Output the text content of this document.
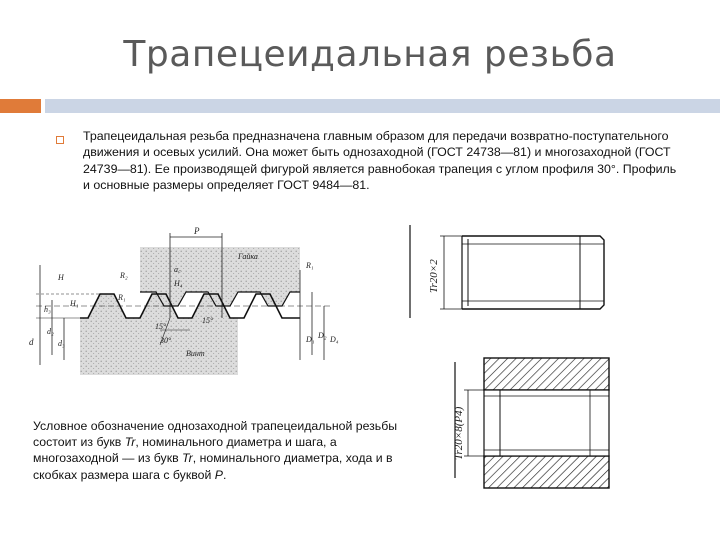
Трапецеидальная резьба
Трапецеидальная резьба предназначена главным образом для передачи возвратно-поступательного движения и осевых усилий. Она может быть однозаходной (ГОСТ 24738—81) и многозаходной (ГОСТ 24739—81). Ее производящей фигурой является равнобокая трапеция с углом профиля 30°. Профиль и основные размеры определяет ГОСТ 9484—81.
P
Гайка
Винт
R₁
R₂
R₁
30°
15°
15°
d
d₂
d₃	D₁ D₂ D₄
H
H₁
h₃
H₄
a꜀	Tr20×2
Tr20×8(P4)
Условное обозначение однозаходной трапецеидальной резьбы состоит из букв Tr, номинального диаметра и шага, а многозаходной — из букв Tr, номинального диаметра, хода и в скобках размера шага с буквой P.
